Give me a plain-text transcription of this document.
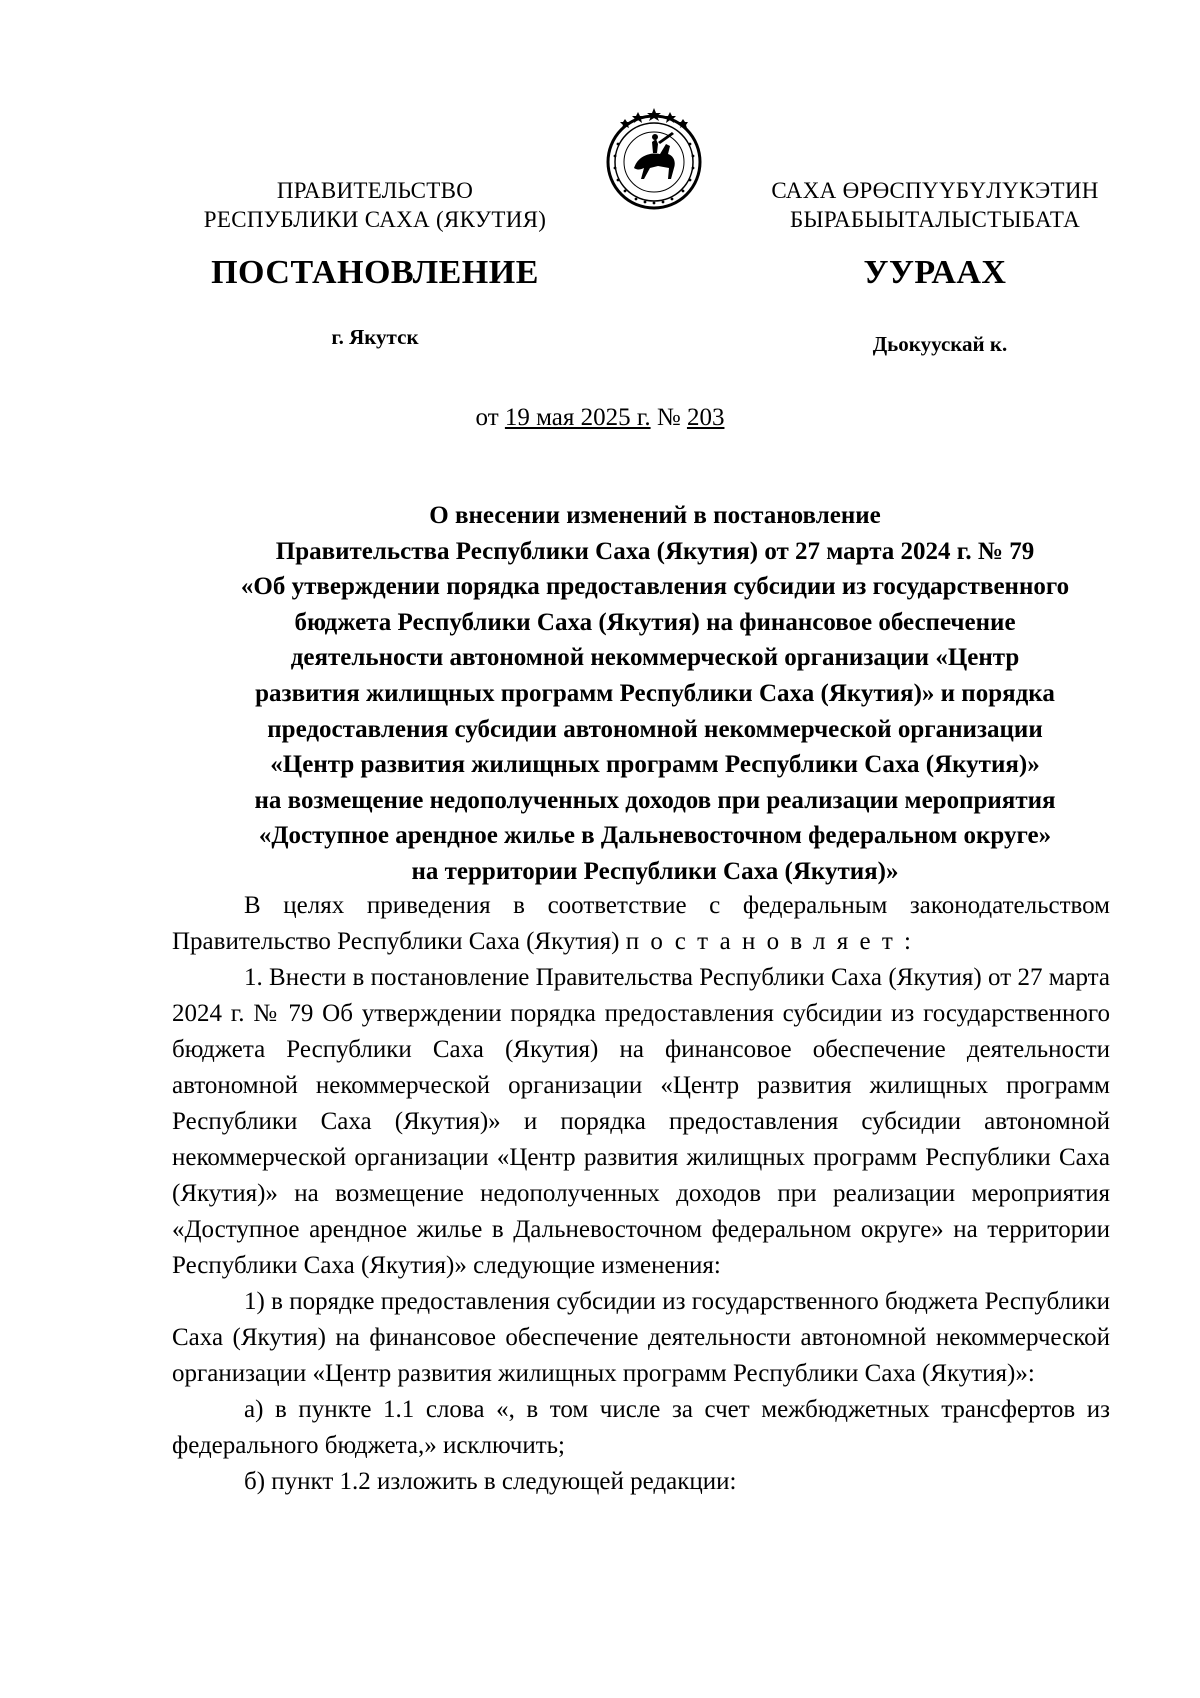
ПРАВИТЕЛЬСТВО
РЕСПУБЛИКИ САХА (ЯКУТИЯ)
САХА ӨРӨСПҮҮБҮЛҮКЭТИН
БЫРАБЫЫТАЛЫСТЫБАТА
ПОСТАНОВЛЕНИЕ	УУРААХ
г. Якутск	Дьокуускай к.
от 19 мая 2025 г. № 203
О внесении изменений в постановление
Правительства Республики Саха (Якутия) от 27 марта 2024 г. № 79
«Об утверждении порядка предоставления субсидии из государственного
бюджета Республики Саха (Якутия) на финансовое обеспечение
деятельности автономной некоммерческой организации «Центр
развития жилищных программ Республики Саха (Якутия)» и порядка
предоставления субсидии автономной некоммерческой организации
«Центр развития жилищных программ Республики Саха (Якутия)»
на возмещение недополученных доходов при реализации мероприятия
«Доступное арендное жилье в Дальневосточном федеральном округе»
на территории Республики Саха (Якутия)»

В целях приведения в соответствие с федеральным законодательством Правительство Республики Саха (Якутия) постановляет:

1. Внести в постановление Правительства Республики Саха (Якутия) от 27 марта 2024 г. № 79 Об утверждении порядка предоставления субсидии из государственного бюджета Республики Саха (Якутия) на финансовое обеспечение деятельности автономной некоммерческой организации «Центр развития жилищных программ Республики Саха (Якутия)» и порядка предоставления субсидии автономной некоммерческой организации «Центр развития жилищных программ Республики Саха (Якутия)» на возмещение недополученных доходов при реализации мероприятия «Доступное арендное жилье в Дальневосточном федеральном округе» на территории Республики Саха (Якутия)» следующие изменения:

1) в порядке предоставления субсидии из государственного бюджета Республики Саха (Якутия) на финансовое обеспечение деятельности автономной некоммерческой организации «Центр развития жилищных программ Республики Саха (Якутия)»:

а) в пункте 1.1 слова «, в том числе за счет межбюджетных трансфертов из федерального бюджета,» исключить;

б) пункт 1.2 изложить в следующей редакции:
